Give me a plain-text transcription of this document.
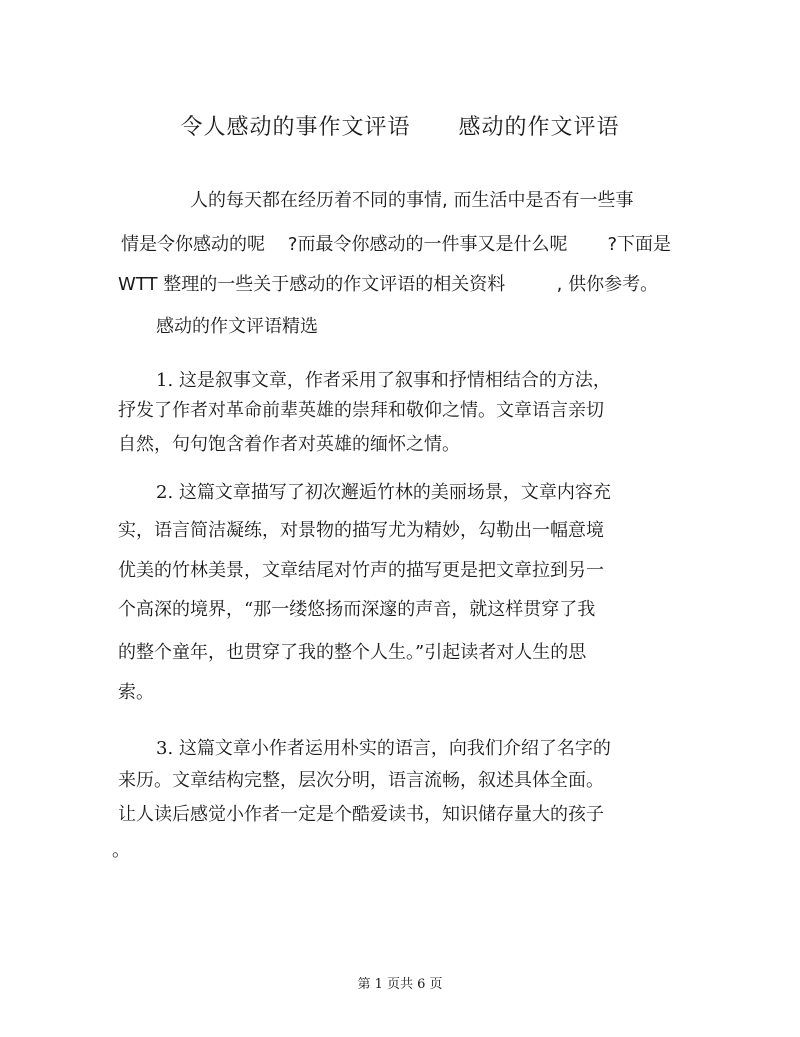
令人感动的事作文评语      感动的作文评语
人的每天都在经历着不同的事情, 而生活中是否有一些事
情是令你感动的呢    ?而最令你感动的一件事又是什么呢       ?下面是
WTT 整理的一些关于感动的作文评语的相关资料         , 供你参考。
感动的作文评语精选
1. 这是叙事文章，作者采用了叙事和抒情相结合的方法，
抒发了作者对革命前辈英雄的崇拜和敬仰之情。文章语言亲切
自然，句句饱含着作者对英雄的缅怀之情。
2. 这篇文章描写了初次邂逅竹林的美丽场景，文章内容充
实，语言简洁凝练，对景物的描写尤为精妙，勾勒出一幅意境
优美的竹林美景，文章结尾对竹声的描写更是把文章拉到另一
个高深的境界，“那一缕悠扬而深邃的声音，就这样贯穿了我
的整个童年，也贯穿了我的整个人生。”引起读者对人生的思
索。
3. 这篇文章小作者运用朴实的语言，向我们介绍了名字的
来历。文章结构完整，层次分明，语言流畅，叙述具体全面。
让人读后感觉小作者一定是个酷爱读书，知识储存量大的孩子
。
第 1 页共 6 页
